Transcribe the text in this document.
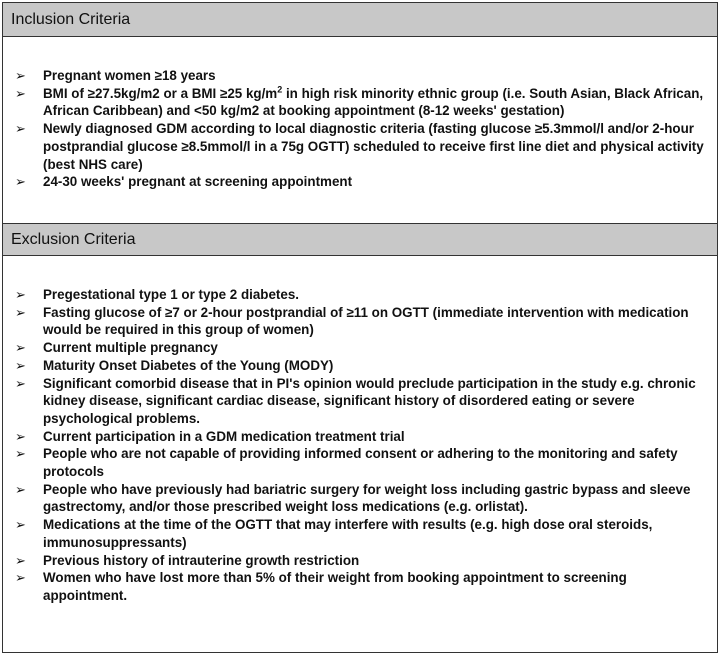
Inclusion Criteria
➢ Pregnant women ≥18 years
➢ BMI of ≥27.5kg/m2 or a BMI ≥25 $kg/m^2$ in high risk minority ethnic group (i.e. South Asian, Black African, African Caribbean) and <50 kg/m2 at booking appointment (8-12 weeks' gestation)
➢ Newly diagnosed GDM according to local diagnostic criteria (fasting glucose ≥5.3mmol/l and/or 2-hour postprandial glucose ≥8.5mmol/l in a 75g OGTT) scheduled to receive first line diet and physical activity (best NHS care)
➢ 24-30 weeks' pregnant at screening appointment
Exclusion Criteria
➢ Pregestational type 1 or type 2 diabetes.
➢ Fasting glucose of ≥7 or 2-hour postprandial of ≥11 on OGTT (immediate intervention with medication would be required in this group of women)
➢ Current multiple pregnancy
➢ Maturity Onset Diabetes of the Young (MODY)
➢ Significant comorbid disease that in PI's opinion would preclude participation in the study e.g. chronic kidney disease, significant cardiac disease, significant history of disordered eating or severe psychological problems.
➢ Current participation in a GDM medication treatment trial
➢ People who are not capable of providing informed consent or adhering to the monitoring and safety protocols
➢ People who have previously had bariatric surgery for weight loss including gastric bypass and sleeve gastrectomy, and/or those prescribed weight loss medications (e.g. orlistat).
➢ Medications at the time of the OGTT that may interfere with results (e.g. high dose oral steroids, immunosuppressants)
➢ Previous history of intrauterine growth restriction
➢ Women who have lost more than 5% of their weight from booking appointment to screening appointment.
